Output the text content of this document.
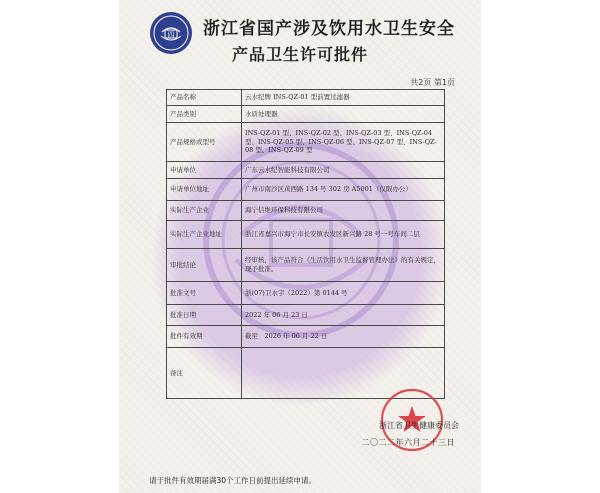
四 浙江省国产涉及饮用水卫生安全
产品卫生许可批件
共2页 第1页
产品名称	云水纪牌 INS-QZ-01 型前置过滤器
产品类别	水质处理器
产品规格或型号	INS-QZ-01 型、INS-QZ-02 型、INS-QZ-03 型、INS-QZ-04 型、INS-QZ-05 型、INS-QZ-06 型、INS-QZ-07 型、INS-QZ-08 型、INS-QZ-09 型
申请单位	广东云水纪智能科技有限公司
申请单位地址	广州市南沙区黄西路 134 号 302 房 A5001（仅限办公）
实际生产企业	海宁信维环保科技有限公司
实际生产企业地址	浙江省嘉兴市海宁市长安镇农发区新兴路 28 号一号车间二层
审批结论	经审核，该产品符合《生活饮用水卫生监督管理办法》的有关规定，现予批准。
批准文号	浙(07)卫水字（2022）第 0144 号
批准日期	2022 年 06 月 23 日
批件有效期	截至　2026 年 06 月 22 日
备注	
浙江省卫生健康委员会
二〇二二年六月二十三日
请于批件有效期届满30个工作日前提出延续申请。
